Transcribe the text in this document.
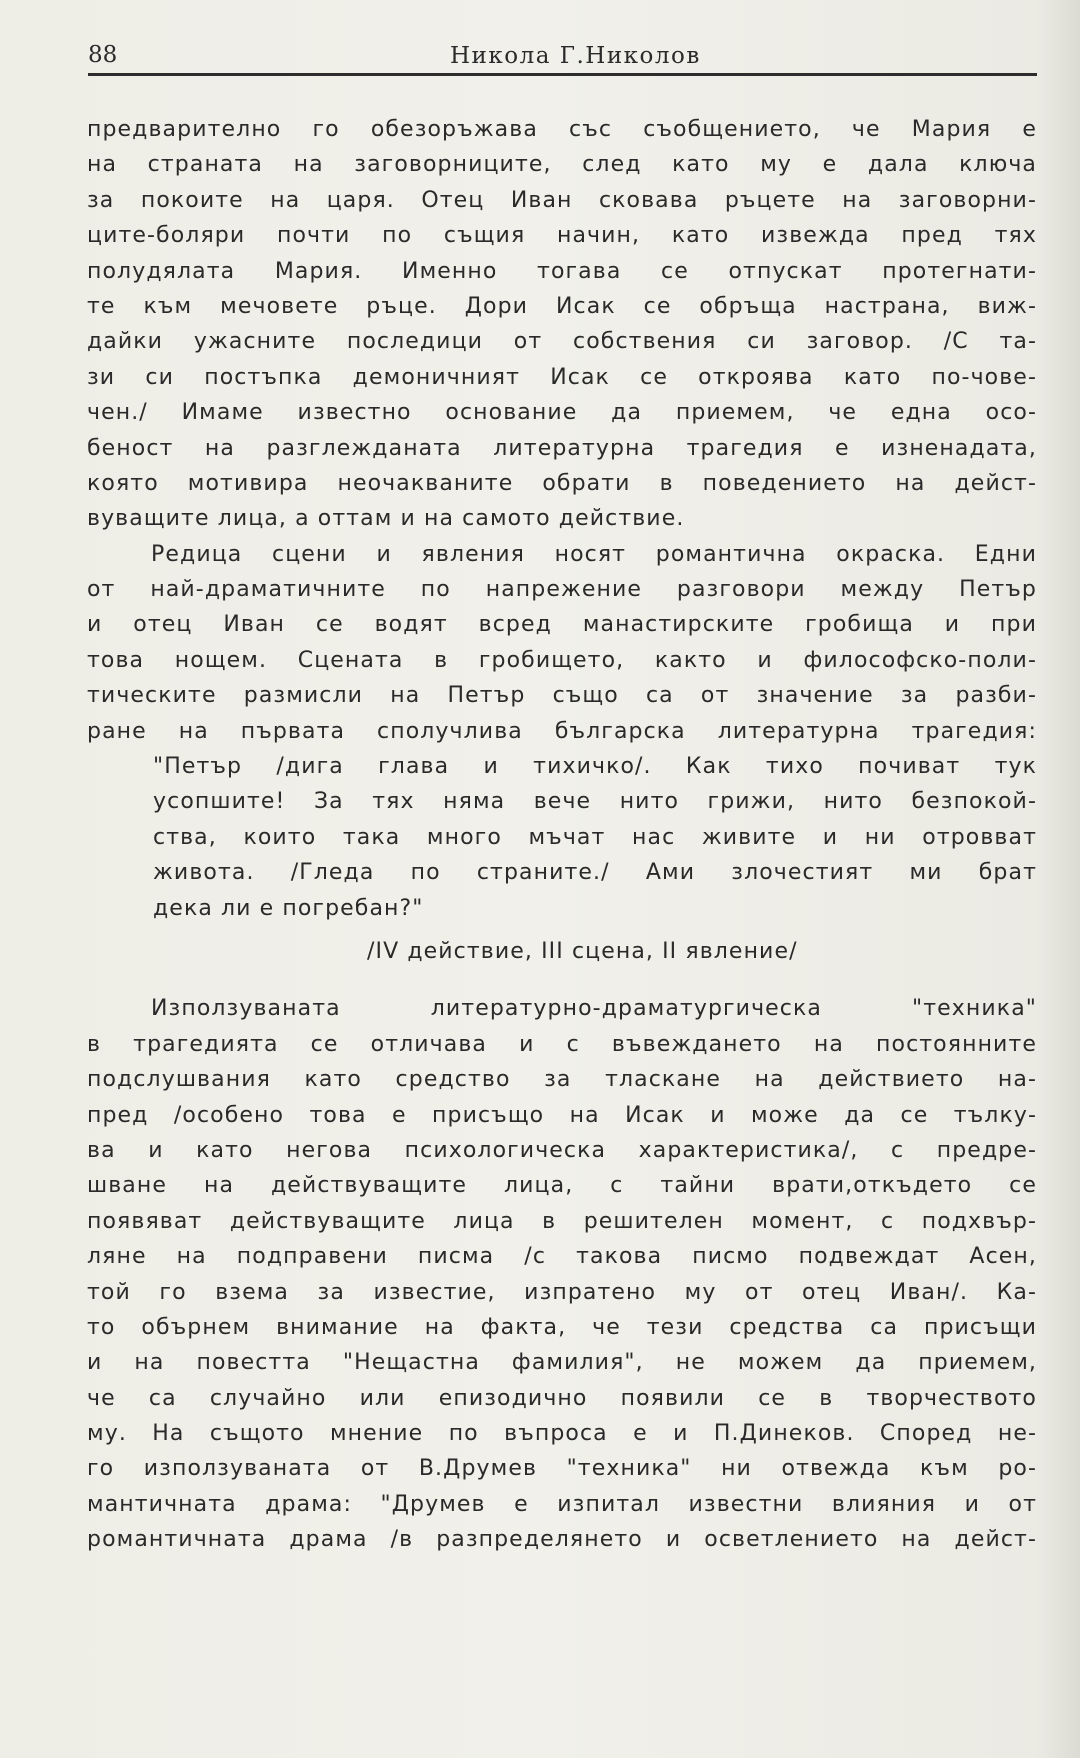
88	Никола Г.Николов
предварително го обезоръжава със съобщението, че Мария е
на страната на заговорниците, след като му е дала ключа
за покоите на царя. Отец Иван сковава ръцете на заговорни-
ците-боляри почти по същия начин, като извежда пред тях
полудялата Мария. Именно тогава се отпускат протегнати-
те към мечовете ръце. Дори Исак се обръща настрана, виж-
дайки ужасните последици от собствения си заговор. /С та-
зи си постъпка демоничният Исак се откроява като по-чове-
чен./ Имаме известно основание да приемем, че една осо-
беност на разглежданата литературна трагедия е изненадата,
която мотивира неочакваните обрати в поведението на дейст-
вуващите лица, а оттам и на самото действие.
Редица сцени и явления носят романтична окраска. Едни
от най-драматичните по напрежение разговори между Петър
и отец Иван се водят всред манастирските гробища и при
това нощем. Сцената в гробището, както и философско-поли-
тическите размисли на Петър също са от значение за разби-
ране на първата сполучлива българска литературна трагедия:
"Петър /дига глава и тихичко/. Как тихо почиват тук
усопшите! За тях няма вече нито грижи, нито безпокой-
ства, които така много мъчат нас живите и ни отровват
живота. /Гледа по страните./ Ами злочестият ми брат
дека ли е погребан?"
/IV действие, III сцена, II явление/
Използуваната литературно-драматургическа "техника"
в трагедията се отличава и с въвеждането на постоянните
подслушвания като средство за тласкане на действието на-
пред /особено това е присъщо на Исак и може да се тълку-
ва и като негова психологическа характеристика/, с предре-
шване на действуващите лица, с тайни врати,откъдето се
появяват действуващите лица в решителен момент, с подхвър-
ляне на подправени писма /с такова писмо подвеждат Асен,
той го взема за известие, изпратено му от отец Иван/. Ка-
то обърнем внимание на факта, че тези средства са присъщи
и на повестта "Нещастна фамилия", не можем да приемем,
че са случайно или епизодично появили се в творчеството
му. На същото мнение по въпроса е и П.Динеков. Според не-
го използуваната от В.Друмев "техника" ни отвежда към ро-
мантичната драма: "Друмев е изпитал известни влияния и от
романтичната драма /в разпределянето и осветлението на дейст-
